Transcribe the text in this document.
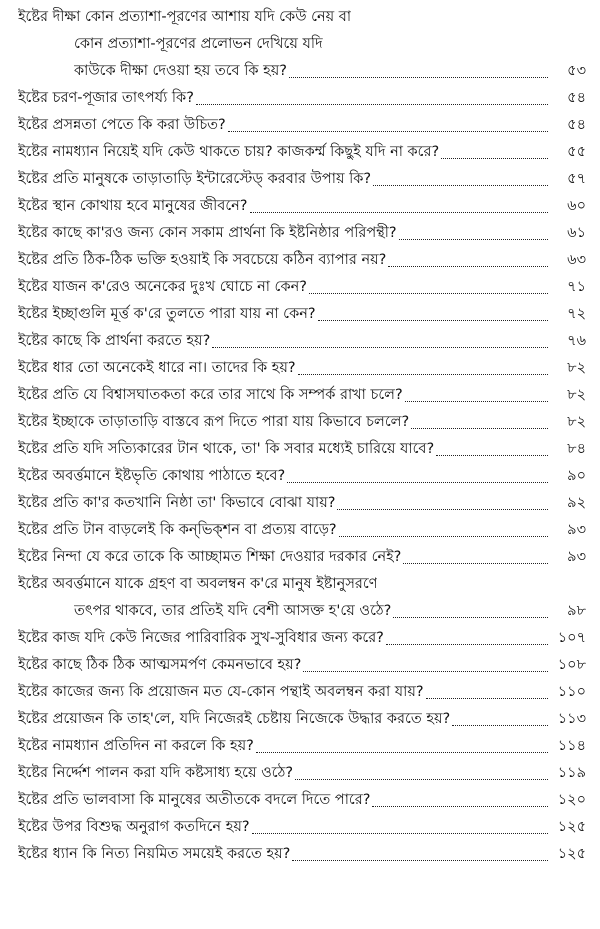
ইষ্টের দীক্ষা কোন প্রত্যাশা-পূরণের আশায় যদি কেউ নেয় বা
কোন প্রত্যাশা-পূরণের প্রলোভন দেখিয়ে যদি
কাউকে দীক্ষা দেওয়া হয় তবে কি হয়?	৫৩
ইষ্টের চরণ-পূজার তাৎপর্য্য কি?	৫৪
ইষ্টের প্রসন্নতা পেতে কি করা উচিত?	৫৪
ইষ্টের নামধ্যান নিয়েই যদি কেউ থাকতে চায়? কাজকর্ম্ম কিছুই যদি না করে?	৫৫
ইষ্টের প্রতি মানুষকে তাড়াতাড়ি ইন্টারেস্টেড্ করবার উপায় কি?	৫৭
ইষ্টের স্থান কোথায় হবে মানুষের জীবনে?	৬০
ইষ্টের কাছে কা'রও জন্য কোন সকাম প্রার্থনা কি ইষ্টনিষ্ঠার পরিপন্থী?	৬১
ইষ্টের প্রতি ঠিক-ঠিক ভক্তি হওয়াই কি সবচেয়ে কঠিন ব্যাপার নয়?	৬৩
ইষ্টের যাজন ক'রেও অনেকের দুঃখ ঘোচে না কেন?	৭১
ইষ্টের ইচ্ছাগুলি মূর্ত্ত ক'রে তুলতে পারা যায় না কেন?	৭২
ইষ্টের কাছে কি প্রার্থনা করতে হয়?	৭৬
ইষ্টের ধার তো অনেকেই ধারে না। তাদের কি হয়?	৮২
ইষ্টের প্রতি যে বিশ্বাসঘাতকতা করে তার সাথে কি সম্পর্ক রাখা চলে?	৮২
ইষ্টের ইচ্ছাকে তাড়াতাড়ি বাস্তবে রূপ দিতে পারা যায় কিভাবে চললে?	৮২
ইষ্টের প্রতি যদি সত্যিকারের টান থাকে, তা' কি সবার মধ্যেই চারিয়ে যাবে?	৮৪
ইষ্টের অবর্ত্তমানে ইষ্টভৃতি কোথায় পাঠাতে হবে?	৯০
ইষ্টের প্রতি কা'র কতখানি নিষ্ঠা তা' কিভাবে বোঝা যায়?	৯২
ইষ্টের প্রতি টান বাড়লেই কি কন্‌ভিক্‌শন বা প্রত্যয় বাড়ে?	৯৩
ইষ্টের নিন্দা যে করে তাকে কি আচ্ছামত শিক্ষা দেওয়ার দরকার নেই?	৯৩
ইষ্টের অবর্ত্তমানে যাকে গ্রহণ বা অবলম্বন ক'রে মানুষ ইষ্টানুসরণে
তৎপর থাকবে, তার প্রতিই যদি বেশী আসক্ত হ'য়ে ওঠে?	৯৮
ইষ্টের কাজ যদি কেউ নিজের পারিবারিক সুখ-সুবিধার জন্য করে?	১০৭
ইষ্টের কাছে ঠিক ঠিক আত্মসমর্পণ কেমনভাবে হয়?	১০৮
ইষ্টের কাজের জন্য কি প্রয়োজন মত যে-কোন পন্থাই অবলম্বন করা যায়?	১১০
ইষ্টের প্রয়োজন কি তাহ'লে, যদি নিজেরই চেষ্টায় নিজেকে উদ্ধার করতে হয়?	১১৩
ইষ্টের নামধ্যান প্রতিদিন না করলে কি হয়?	১১৪
ইষ্টের নির্দ্দেশ পালন করা যদি কষ্টসাধ্য হয়ে ওঠে?	১১৯
ইষ্টের প্রতি ভালবাসা কি মানুষের অতীতকে বদলে দিতে পারে?	১২০
ইষ্টের উপর বিশুদ্ধ অনুরাগ কতদিনে হয়?	১২৫
ইষ্টের ধ্যান কি নিত্য নিয়মিত সময়েই করতে হয়?	১২৫
